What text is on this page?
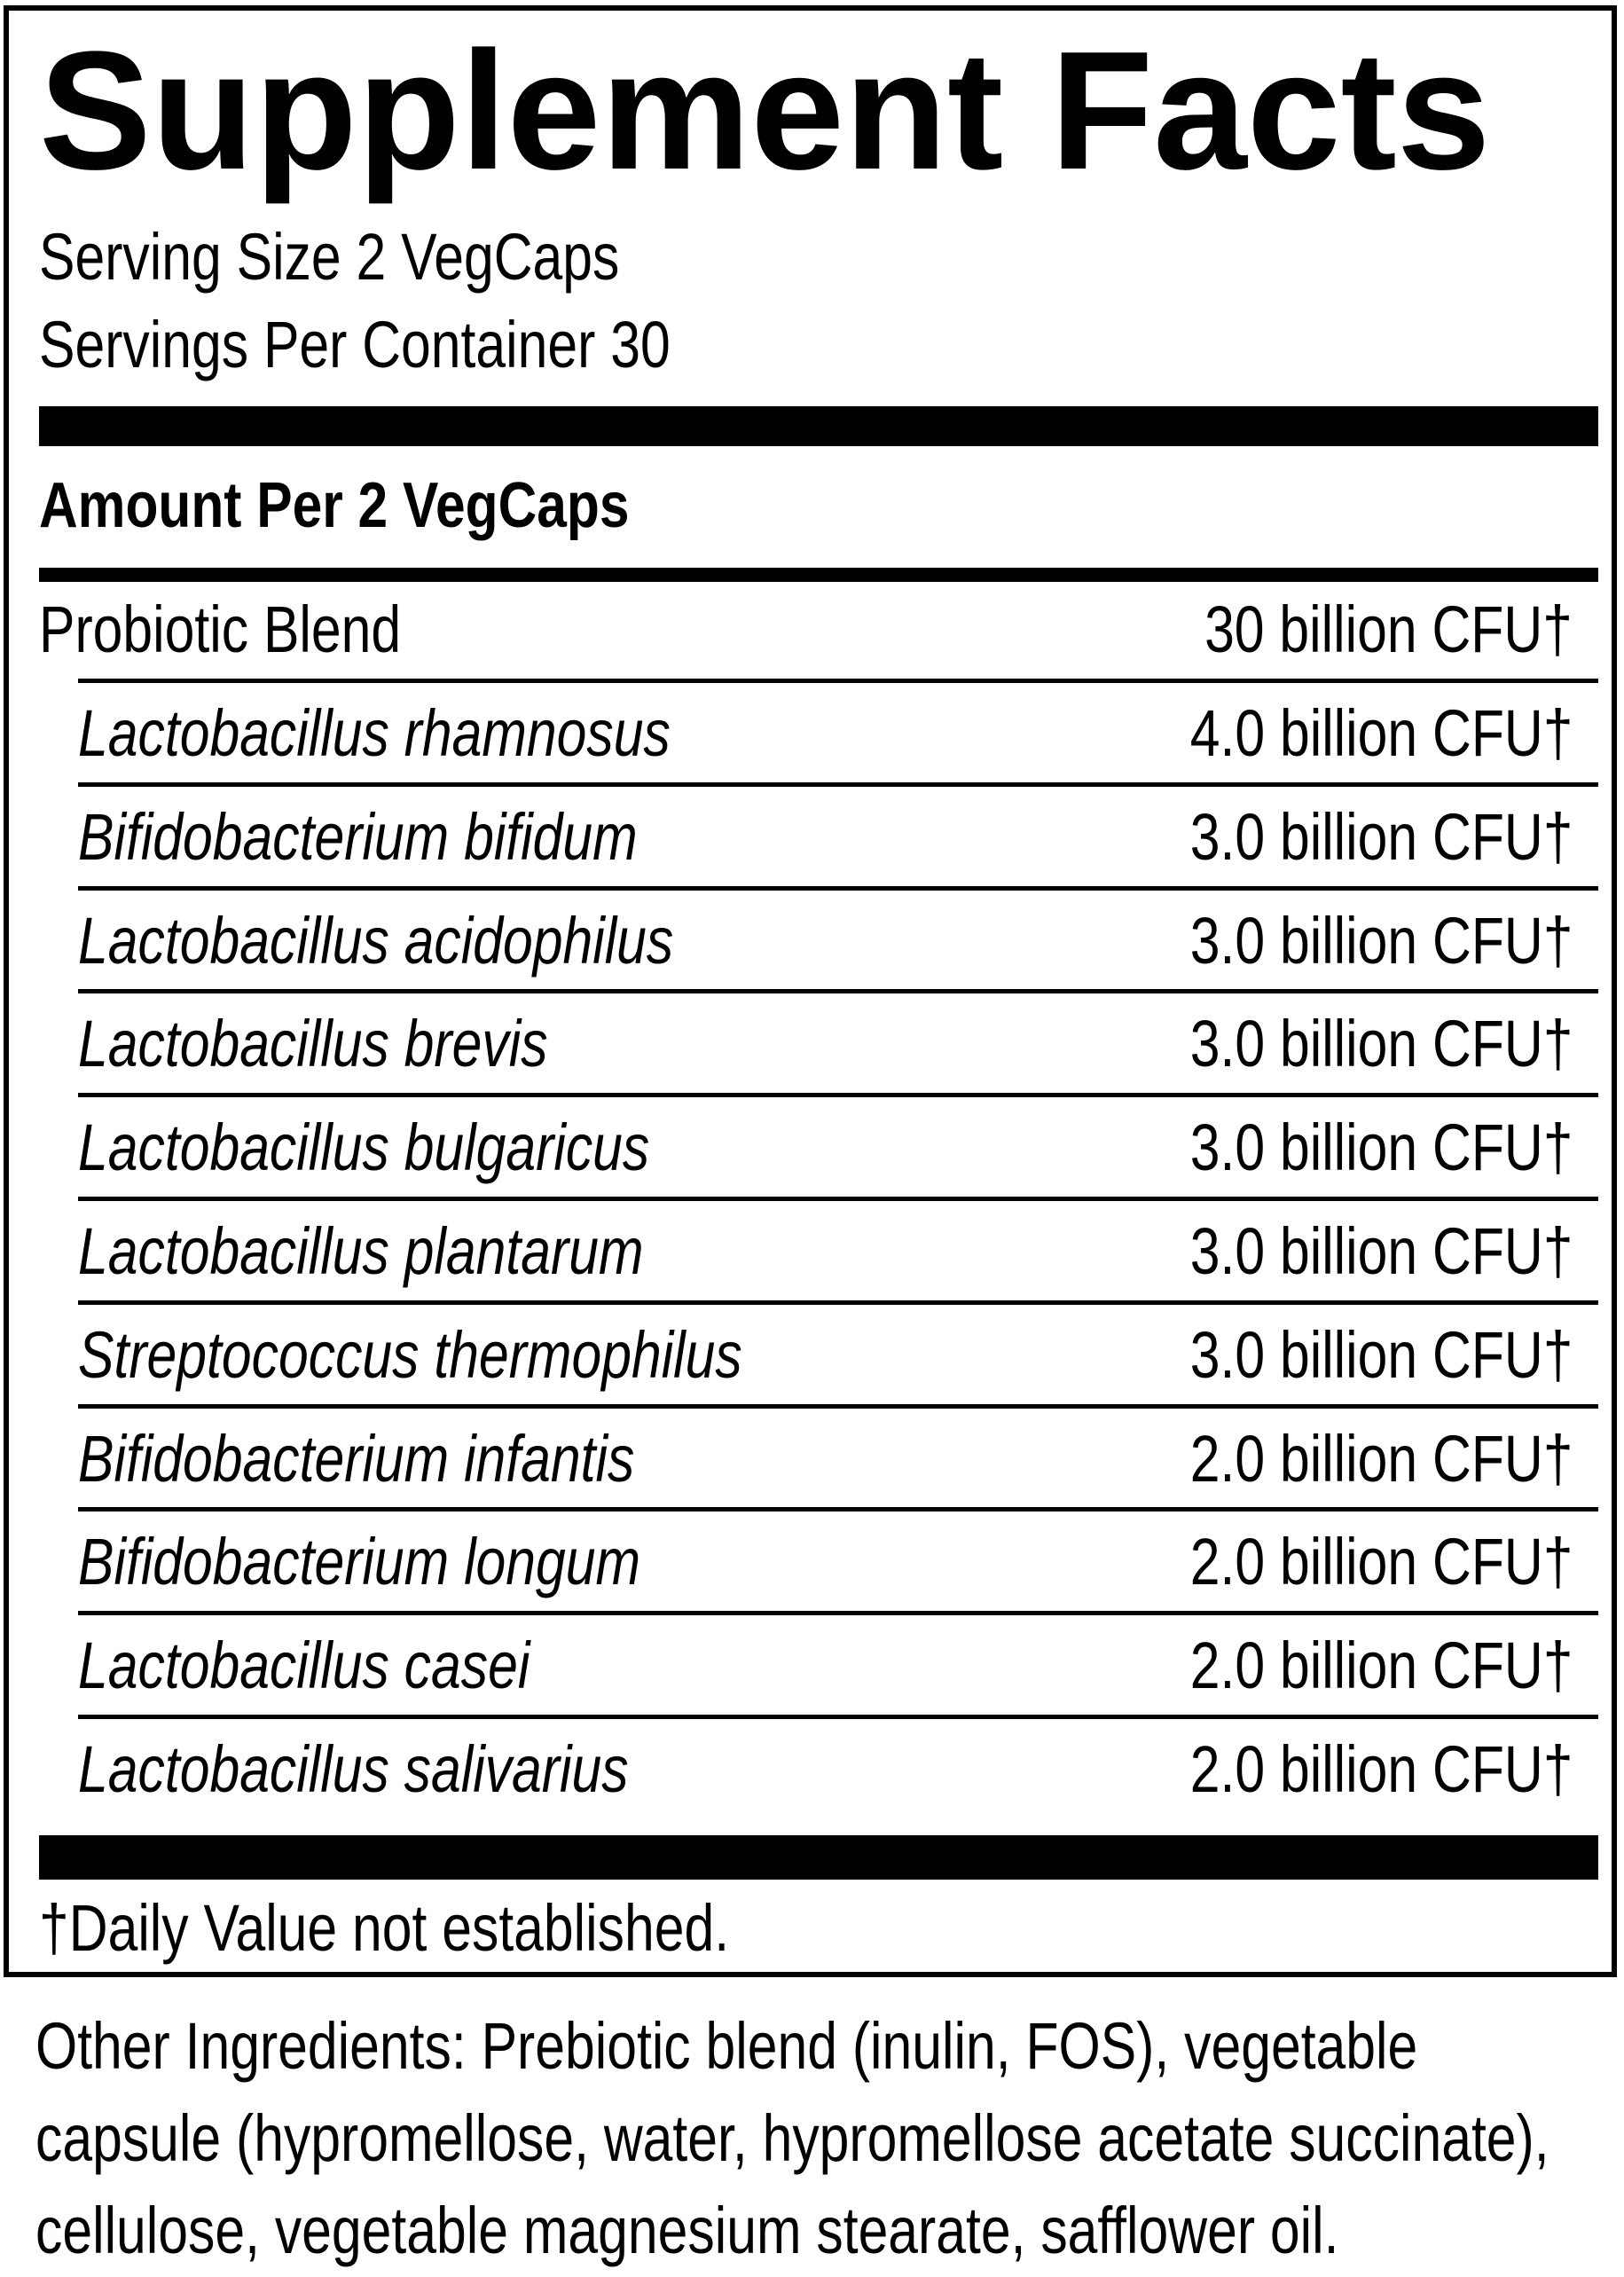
Supplement Facts
Serving Size 2 VegCaps
Servings Per Container 30
Amount Per 2 VegCaps
Probiotic Blend	30 billion CFU†
Lactobacillus rhamnosus	4.0 billion CFU†
Bifidobacterium bifidum	3.0 billion CFU†
Lactobacillus acidophilus	3.0 billion CFU†
Lactobacillus brevis	3.0 billion CFU†
Lactobacillus bulgaricus	3.0 billion CFU†
Lactobacillus plantarum	3.0 billion CFU†
Streptococcus thermophilus	3.0 billion CFU†
Bifidobacterium infantis	2.0 billion CFU†
Bifidobacterium longum	2.0 billion CFU†
Lactobacillus casei	2.0 billion CFU†
Lactobacillus salivarius	2.0 billion CFU†
†Daily Value not established.
Other Ingredients: Prebiotic blend (inulin, FOS), vegetable
capsule (hypromellose, water, hypromellose acetate succinate),
cellulose, vegetable magnesium stearate, safflower oil.
